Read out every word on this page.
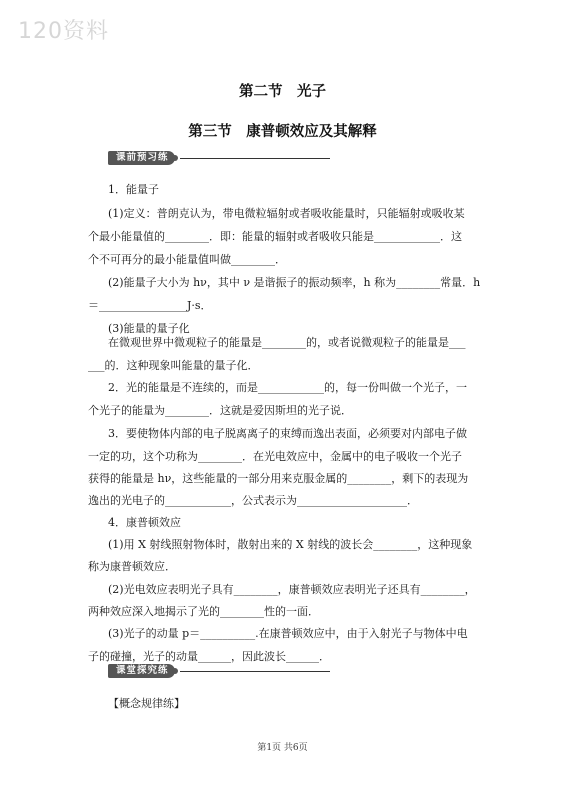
120资料
第二节　光子
第三节　康普顿效应及其解释
课前预习练
1．能量子
(1)定义：普朗克认为，带电微粒辐射或者吸收能量时，只能辐射或吸收某
个最小能量值的________．即：能量的辐射或者吸收只能是____________．这
个不可再分的最小能量值叫做________．
(2)能量子大小为 hν，其中 ν 是谐振子的振动频率，h 称为________常量．h
＝________________J·s．
(3)能量的量子化
在微观世界中微观粒子的能量是________的，或者说微观粒子的能量是___
___的．这种现象叫能量的量子化．
2．光的能量是不连续的，而是____________的，每一份叫做一个光子，一
个光子的能量为________．这就是爱因斯坦的光子说．
3．要使物体内部的电子脱离离子的束缚而逸出表面，必须要对内部电子做
一定的功，这个功称为________．在光电效应中，金属中的电子吸收一个光子
获得的能量是 hν，这些能量的一部分用来克服金属的________，剩下的表现为
逸出的光电子的____________，公式表示为____________________．
4．康普顿效应
(1)用 X 射线照射物体时，散射出来的 X 射线的波长会________，这种现象
称为康普顿效应．
(2)光电效应表明光子具有________，康普顿效应表明光子还具有________，
两种效应深入地揭示了光的________性的一面．
(3)光子的动量 p＝__________.在康普顿效应中，由于入射光子与物体中电
子的碰撞，光子的动量______，因此波长______．
课堂探究练
【概念规律练】
第1页 共6页
